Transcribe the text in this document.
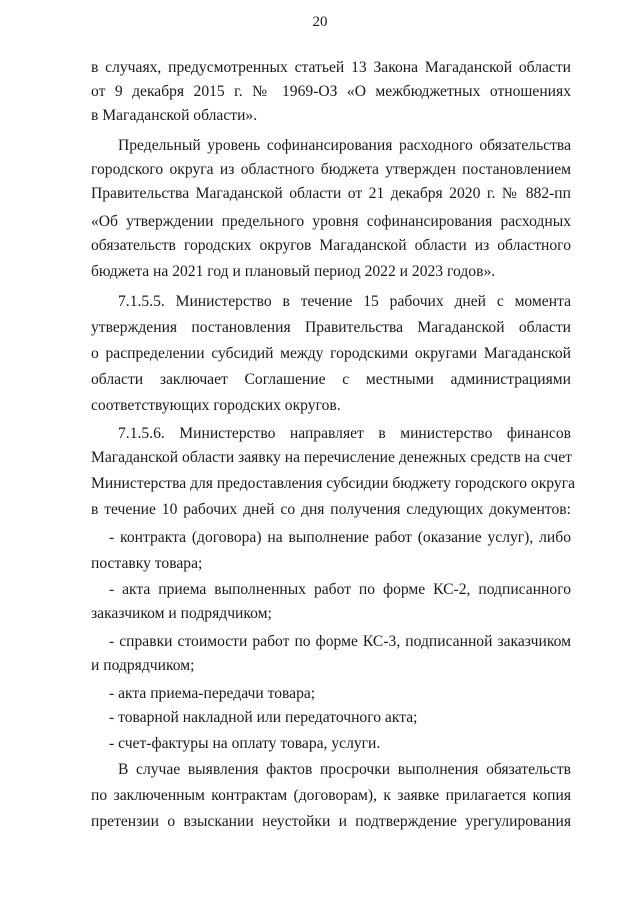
20
в случаях, предусмотренных статьей 13 Закона Магаданской области
от 9 декабря 2015 г. № 1969-ОЗ «О межбюджетных отношениях
в Магаданской области».
Предельный уровень софинансирования расходного обязательства
городского округа из областного бюджета утвержден постановлением
Правительства Магаданской области от 21 декабря 2020 г. № 882-пп
«Об утверждении предельного уровня софинансирования расходных
обязательств городских округов Магаданской области из областного
бюджета на 2021 год и плановый период 2022 и 2023 годов».
7.1.5.5. Министерство в течение 15 рабочих дней с момента
утверждения постановления Правительства Магаданской области
о распределении субсидий между городскими округами Магаданской
области заключает Соглашение с местными администрациями
соответствующих городских округов.
7.1.5.6. Министерство направляет в министерство финансов
Магаданской области заявку на перечисление денежных средств на счет
Министерства для предоставления субсидии бюджету городского округа
в течение 10 рабочих дней со дня получения следующих документов:
- контракта (договора) на выполнение работ (оказание услуг), либо
поставку товара;
- акта приема выполненных работ по форме КС-2, подписанного
заказчиком и подрядчиком;
- справки стоимости работ по форме КС-3, подписанной заказчиком
и подрядчиком;
- акта приема-передачи товара;
- товарной накладной или передаточного акта;
- счет-фактуры на оплату товара, услуги.
В случае выявления фактов просрочки выполнения обязательств
по заключенным контрактам (договорам), к заявке прилагается копия
претензии о взыскании неустойки и подтверждение урегулирования
